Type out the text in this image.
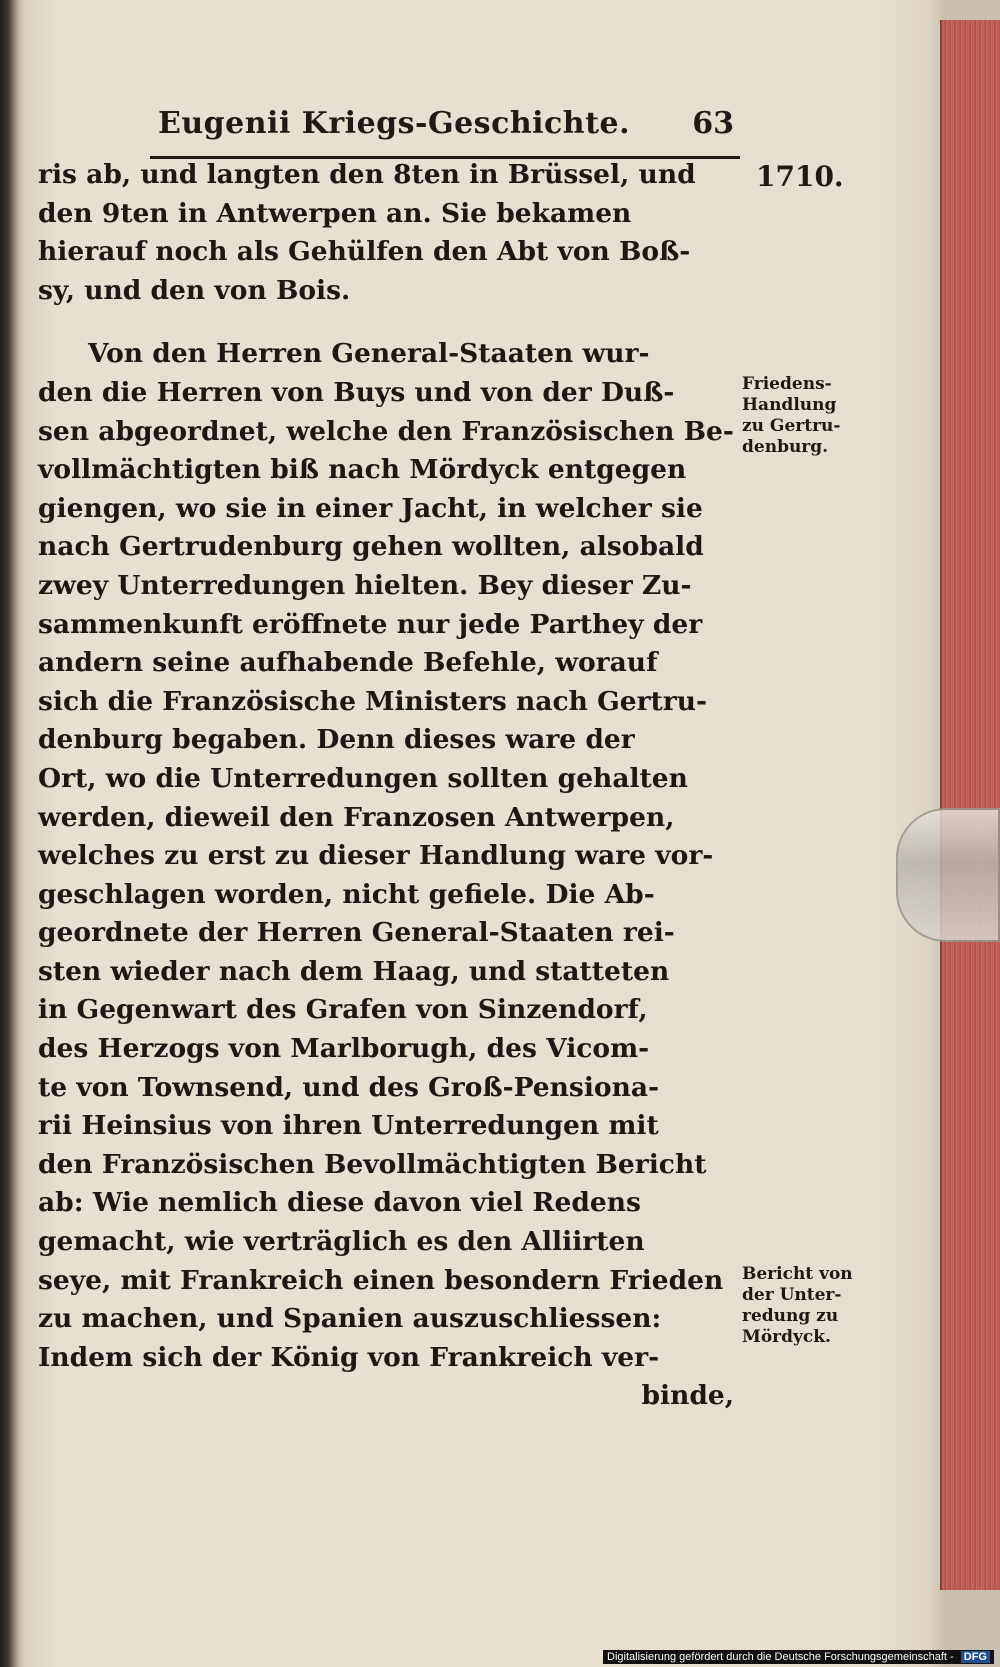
Eugenii Kriegs-Geschichte. 63
1710.
ris ab, und langten den 8ten in Brüssel, und
den 9ten in Antwerpen an. Sie bekamen
hierauf noch als Gehülfen den Abt von Boß-
sy, und den von Bois.
Von den Herren General-Staaten wur-
den die Herren von Buys und von der Duß-
sen abgeordnet, welche den Französischen Be-
vollmächtigten biß nach Mördyck entgegen
giengen, wo sie in einer Jacht, in welcher sie
nach Gertrudenburg gehen wollten, alsobald
zwey Unterredungen hielten. Bey dieser Zu-
sammenkunft eröffnete nur jede Parthey der
andern seine aufhabende Befehle, worauf
sich die Französische Ministers nach Gertru-
denburg begaben. Denn dieses ware der
Ort, wo die Unterredungen sollten gehalten
werden, dieweil den Franzosen Antwerpen,
welches zu erst zu dieser Handlung ware vor-
geschlagen worden, nicht gefiele. Die Ab-
geordnete der Herren General-Staaten rei-
sten wieder nach dem Haag, und statteten
in Gegenwart des Grafen von Sinzendorf,
des Herzogs von Marlborugh, des Vicom-
te von Townsend, und des Groß-Pensiona-
rii Heinsius von ihren Unterredungen mit
den Französischen Bevollmächtigten Bericht
ab: Wie nemlich diese davon viel Redens
gemacht, wie verträglich es den Alliirten
seye, mit Frankreich einen besondern Frieden
zu machen, und Spanien auszuschliessen:
Indem sich der König von Frankreich ver-
binde,
Friedens-
Handlung
zu Gertru-
denburg.
Bericht von
der Unter-
redung zu
Mördyck.
Digitalisierung gefördert durch die Deutsche Forschungsgemeinschaft - DFG
